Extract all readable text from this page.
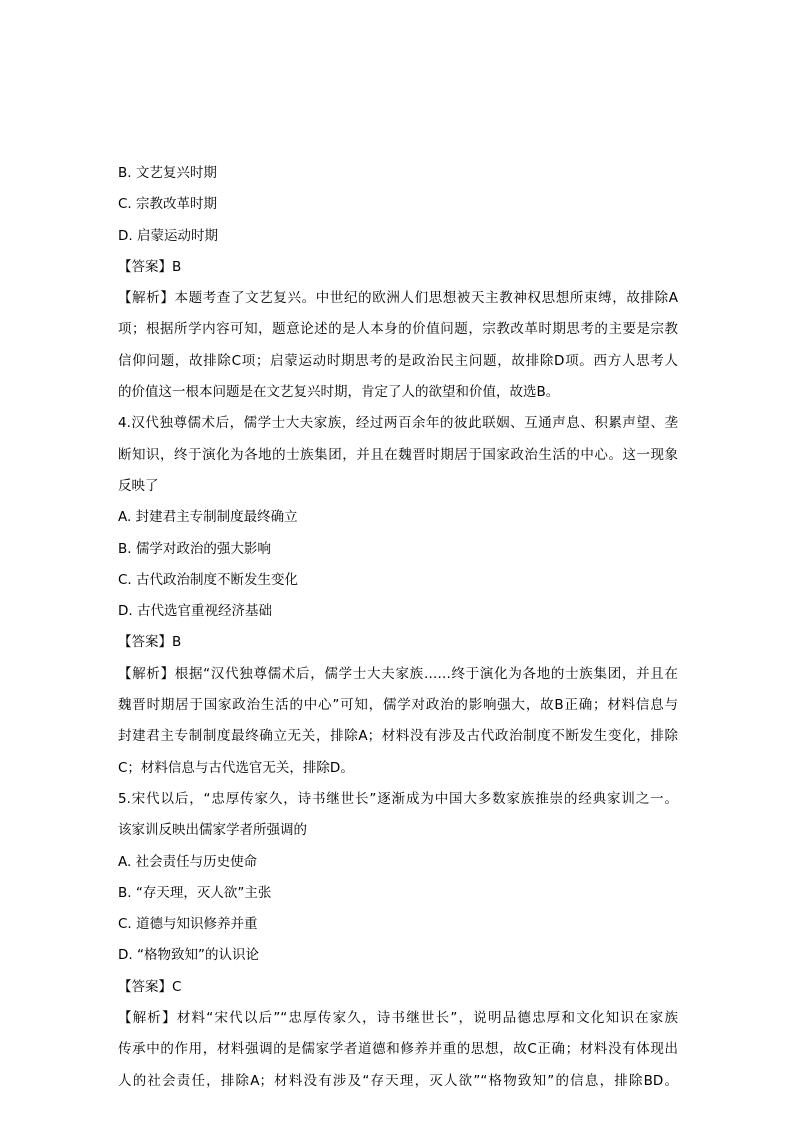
B. 文艺复兴时期
C. 宗教改革时期
D. 启蒙运动时期
【答案】B
【解析】本题考查了文艺复兴。中世纪的欧洲人们思想被天主教神权思想所束缚，故排除A
项；根据所学内容可知，题意论述的是人本身的价值问题，宗教改革时期思考的主要是宗教
信仰问题，故排除C项；启蒙运动时期思考的是政治民主问题，故排除D项。西方人思考人
的价值这一根本问题是在文艺复兴时期，肯定了人的欲望和价值，故选B。
4.汉代独尊儒术后，儒学士大夫家族，经过两百余年的彼此联姻、互通声息、积累声望、垄
断知识，终于演化为各地的士族集团，并且在魏晋时期居于国家政治生活的中心。这一现象
反映了
A. 封建君主专制制度最终确立
B. 儒学对政治的强大影响
C. 古代政治制度不断发生变化
D. 古代选官重视经济基础
【答案】B
【解析】根据“汉代独尊儒术后，儒学士大夫家族……终于演化为各地的士族集团，并且在
魏晋时期居于国家政治生活的中心”可知，儒学对政治的影响强大，故B正确；材料信息与
封建君主专制制度最终确立无关，排除A；材料没有涉及古代政治制度不断发生变化，排除
C；材料信息与古代选官无关，排除D。
5.宋代以后，“忠厚传家久，诗书继世长”逐渐成为中国大多数家族推崇的经典家训之一。
该家训反映出儒家学者所强调的
A. 社会责任与历史使命
B. “存天理，灭人欲”主张
C. 道德与知识修养并重
D. “格物致知”的认识论
【答案】C
【解析】材料“宋代以后”“忠厚传家久，诗书继世长”，说明品德忠厚和文化知识在家族
传承中的作用，材料强调的是儒家学者道德和修养并重的思想，故C正确；材料没有体现出
人的社会责任，排除A；材料没有涉及“存天理，灭人欲”“格物致知”的信息，排除BD。
